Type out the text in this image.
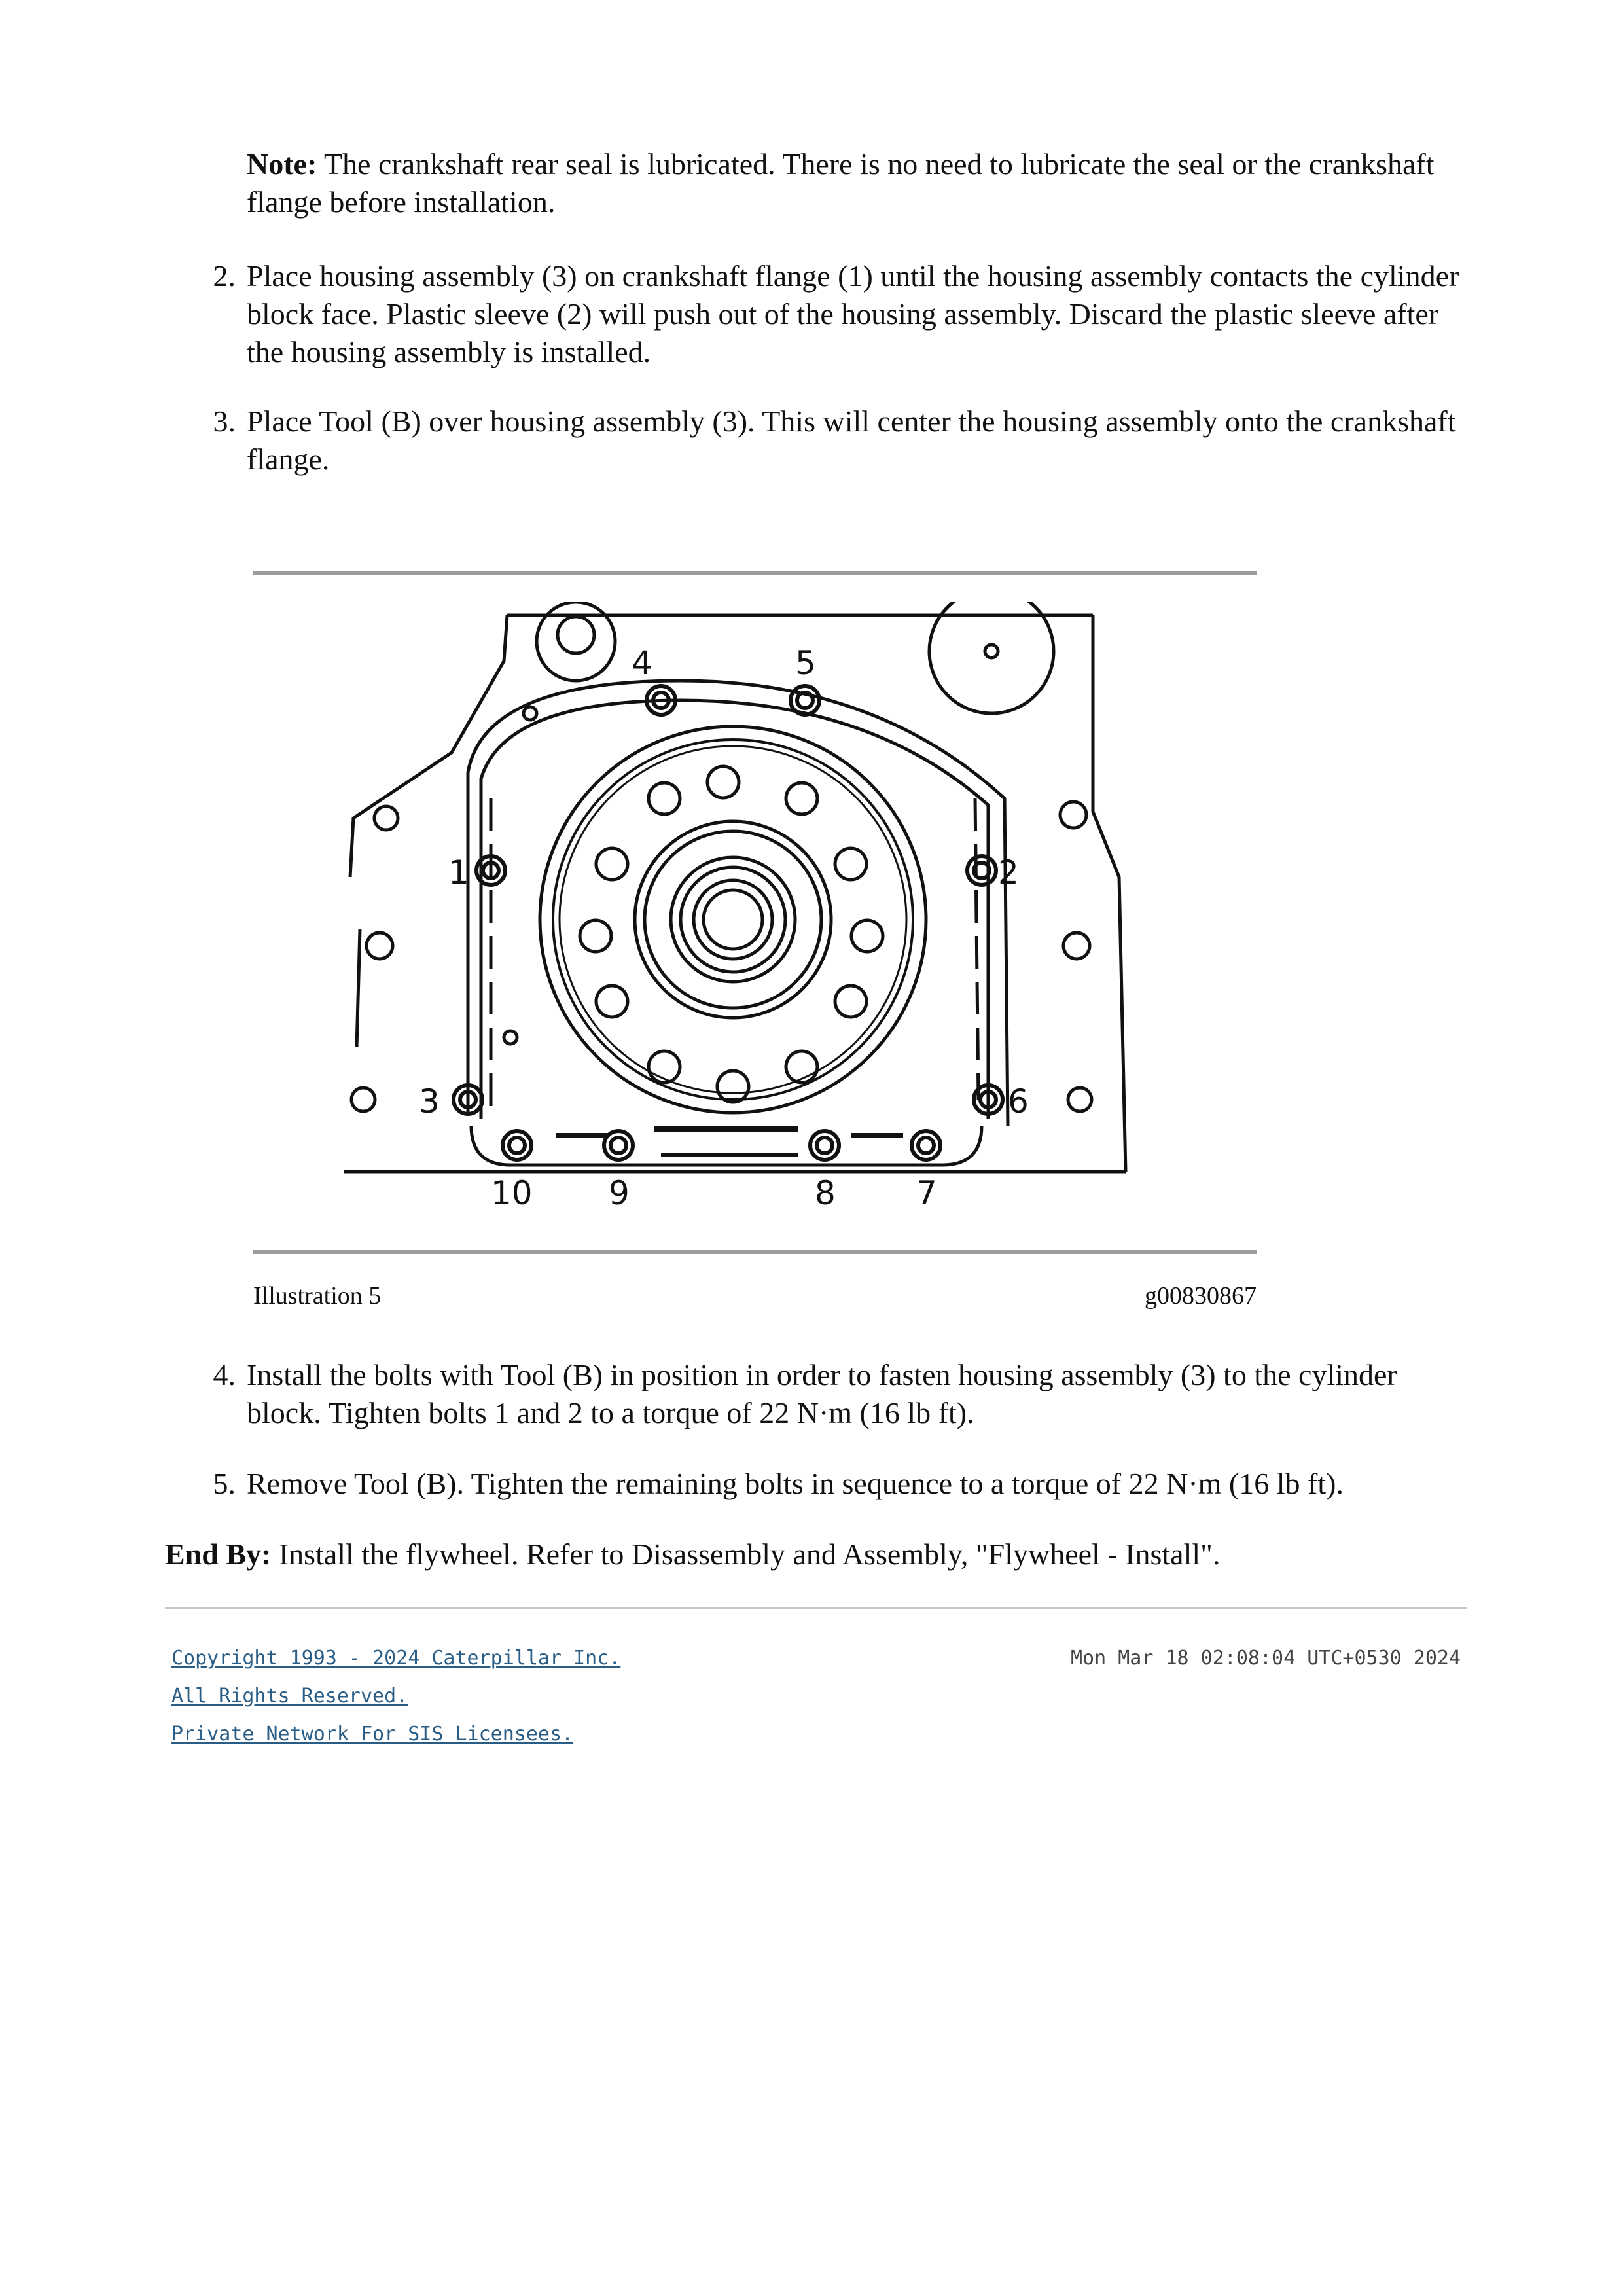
Note: The crankshaft rear seal is lubricated. There is no need to lubricate the seal or the crankshaft flange before installation.
2. Place housing assembly (3) on crankshaft flange (1) until the housing assembly contacts the cylinder block face. Plastic sleeve (2) will push out of the housing assembly. Discard the plastic sleeve after the housing assembly is installed.
3. Place Tool (B) over housing assembly (3). This will center the housing assembly onto the crankshaft flange.
1	2
3
4	5
6
7
8
9
10
Illustration 5	g00830867
4. Install the bolts with Tool (B) in position in order to fasten housing assembly (3) to the cylinder block. Tighten bolts 1 and 2 to a torque of 22 N·m (16 lb ft).
5. Remove Tool (B). Tighten the remaining bolts in sequence to a torque of 22 N·m (16 lb ft).
End By: Install the flywheel. Refer to Disassembly and Assembly, "Flywheel - Install".
Copyright 1993 - 2024 Caterpillar Inc.
All Rights Reserved.
Private Network For SIS Licensees.
Mon Mar 18 02:08:04 UTC+0530 2024
